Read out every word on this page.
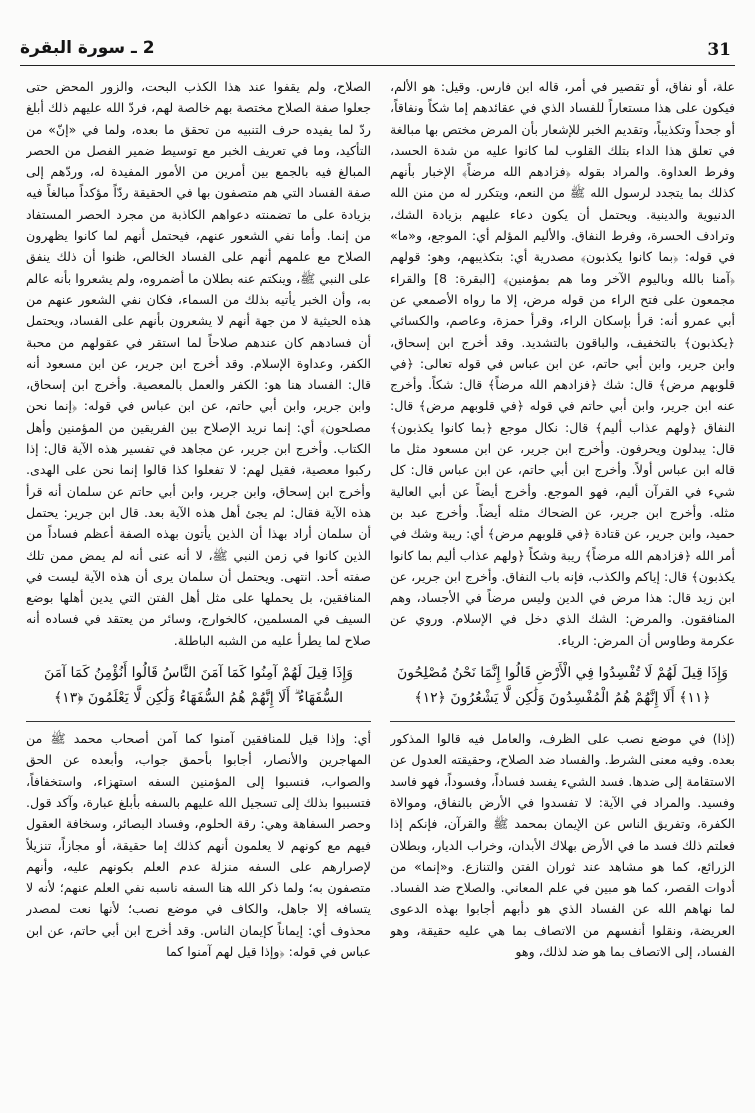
31
2 ـ سورة البقرة

علة، أو نفاق، أو تقصير في أمر، قاله ابن فارس. وقيل: هو الألم، فيكون على هذا مستعاراً للفساد الذي في عقائدهم إما شكاً ونفاقاً، أو جحداً وتكذيباً، وتقديم الخبر للإشعار بأن المرض مختص بها مبالغة في تعلق هذا الداء بتلك القلوب لما كانوا عليه من شدة الحسد، وفرط العداوة. والمراد بقوله ﴿فزادهم الله مرضاً﴾ الإخبار بأنهم كذلك بما يتجدد لرسول الله ﷺ من النعم، ويتكرر له من منن الله الدنيوية والدينية. ويحتمل أن يكون دعاء عليهم بزيادة الشك، وترادف الحسرة، وفرط النفاق. والأليم المؤلم أي: الموجع، و«ما» في قوله: ﴿بما كانوا يكذبون﴾ مصدرية أي: بتكذيبهم، وهو: قولهم ﴿آمنا بالله وباليوم الآخر وما هم بمؤمنين﴾ [البقرة: 8] والقراء مجمعون على فتح الراء من قوله مرض، إلا ما رواه الأصمعي عن أبي عمرو أنه: قرأ بإسكان الراء، وقرأ حمزة، وعاصم، والكسائي ﴿يكذبون﴾ بالتخفيف، والباقون بالتشديد. وقد أخرج ابن إسحاق، وابن جرير، وابن أبي حاتم، عن ابن عباس في قوله تعالى: ﴿في قلوبهم مرض﴾ قال: شك ﴿فزادهم الله مرضاً﴾ قال: شكاً. وأخرج عنه ابن جرير، وابن أبي حاتم في قوله ﴿في قلوبهم مرض﴾ قال: النفاق ﴿ولهم عذاب أليم﴾ قال: نكال موجع ﴿بما كانوا يكذبون﴾ قال: يبدلون ويحرفون. وأخرج ابن جرير، عن ابن مسعود مثل ما قاله ابن عباس أولاً. وأخرج ابن أبي حاتم، عن ابن عباس قال: كل شيء في القرآن أليم، فهو الموجع. وأخرج أيضاً عن أبي العالية مثله. وأخرج ابن جرير، عن الضحاك مثله أيضاً. وأخرج عبد بن حميد، وابن جرير، عن قتادة ﴿في قلوبهم مرض﴾ أي: ريبة وشك في أمر الله ﴿فزادهم الله مرضاً﴾ ريبة وشكاً ﴿ولهم عذاب أليم بما كانوا يكذبون﴾ قال: إياكم والكذب، فإنه باب النفاق. وأخرج ابن جرير، عن ابن زيد قال: هذا مرض في الدين وليس مرضاً في الأجساد، وهم المنافقون. والمرض: الشك الذي دخل في الإسلام. وروي عن عكرمة وطاوس أن المرض: الرياء.

وَإِذَا قِيلَ لَهُمْ لَا تُفْسِدُوا فِي الْأَرْضِ قَالُوا إِنَّمَا نَحْنُ مُصْلِحُونَ ﴿١١﴾ أَلَا إِنَّهُمْ هُمُ الْمُفْسِدُونَ وَلَٰكِن لَّا يَشْعُرُونَ ﴿١٢﴾

(إذا) في موضع نصب على الظرف، والعامل فيه قالوا المذكور بعده. وفيه معنى الشرط. والفساد ضد الصلاح، وحقيقته العدول عن الاستقامة إلى ضدها. فسد الشيء يفسد فساداً، وفسوداً، فهو فاسد وفسيد. والمراد في الآية: لا تفسدوا في الأرض بالنفاق، وموالاة الكفرة، وتفريق الناس عن الإيمان بمحمد ﷺ والقرآن، فإنكم إذا فعلتم ذلك فسد ما في الأرض بهلاك الأبدان، وخراب الديار، وبطلان الزرائع، كما هو مشاهد عند ثوران الفتن والتنازع. و«إنما» من أدوات القصر، كما هو مبين في علم المعاني. والصلاح ضد الفساد. لما نهاهم الله عن الفساد الذي هو دأبهم أجابوا بهذه الدعوى العريضة، ونقلوا أنفسهم من الاتصاف بما هي عليه حقيقة، وهو الفساد، إلى الاتصاف بما هو ضد لذلك، وهو

الصلاح، ولم يقفوا عند هذا الكذب البحت، والزور المحض حتى جعلوا صفة الصلاح مختصة بهم خالصة لهم، فردّ الله عليهم ذلك أبلغ ردّ لما يفيده حرف التنبيه من تحقق ما بعده، ولما في «إنّ» من التأكيد، وما في تعريف الخبر مع توسيط ضمير الفصل من الحصر المبالغ فيه بالجمع بين أمرين من الأمور المفيدة له، وردّهم إلى صفة الفساد التي هم متصفون بها في الحقيقة ردّاً مؤكداً مبالغاً فيه بزيادة على ما تضمنته دعواهم الكاذبة من مجرد الحصر المستفاد من إنما. وأما نفي الشعور عنهم، فيحتمل أنهم لما كانوا يظهرون الصلاح مع علمهم أنهم على الفساد الخالص، ظنوا أن ذلك ينفق على النبي ﷺ، وينكتم عنه بطلان ما أضمروه، ولم يشعروا بأنه عالم به، وأن الخبر يأتيه بذلك من السماء، فكان نفي الشعور عنهم من هذه الحيثية لا من جهة أنهم لا يشعرون بأنهم على الفساد، ويحتمل أن فسادهم كان عندهم صلاحاً لما استقر في عقولهم من محبة الكفر، وعداوة الإسلام. وقد أخرج ابن جرير، عن ابن مسعود أنه قال: الفساد هنا هو: الكفر والعمل بالمعصية. وأخرج ابن إسحاق، وابن جرير، وابن أبي حاتم، عن ابن عباس في قوله: ﴿إنما نحن مصلحون﴾ أي: إنما نريد الإصلاح بين الفريقين من المؤمنين وأهل الكتاب. وأخرج ابن جرير، عن مجاهد في تفسير هذه الآية قال: إذا ركبوا معصية، فقيل لهم: لا تفعلوا كذا قالوا إنما نحن على الهدى. وأخرج ابن إسحاق، وابن جرير، وابن أبي حاتم عن سلمان أنه قرأ هذه الآية فقال: لم يجئ أهل هذه الآية بعد. قال ابن جرير: يحتمل أن سلمان أراد بهذا أن الذين يأتون بهذه الصفة أعظم فساداً من الذين كانوا في زمن النبي ﷺ، لا أنه عنى أنه لم يمض ممن تلك صفته أحد. انتهى. ويحتمل أن سلمان يرى أن هذه الآية ليست في المنافقين، بل يحملها على مثل أهل الفتن التي يدين أهلها بوضع السيف في المسلمين، كالخوارج، وسائر من يعتقد في فساده أنه صلاح لما يطرأ عليه من الشبه الباطلة.

وَإِذَا قِيلَ لَهُمْ آمِنُوا كَمَا آمَنَ النَّاسُ قَالُوا أَنُؤْمِنُ كَمَا آمَنَ السُّفَهَاءُ ۗ أَلَا إِنَّهُمْ هُمُ السُّفَهَاءُ وَلَٰكِن لَّا يَعْلَمُونَ ﴿١٣﴾

أي: وإذا قيل للمنافقين آمنوا كما آمن أصحاب محمد ﷺ من المهاجرين والأنصار، أجابوا بأحمق جواب، وأبعده عن الحق والصواب، فنسبوا إلى المؤمنين السفه استهزاء، واستخفافاً، فتسببوا بذلك إلى تسجيل الله عليهم بالسفه بأبلغ عبارة، وآكد قول. وحصر السفاهة وهي: رقة الحلوم، وفساد البصائر، وسخافة العقول فيهم مع كونهم لا يعلمون أنهم كذلك إما حقيقة، أو مجازاً، تنزيلاً لإصرارهم على السفه منزلة عدم العلم بكونهم عليه، وأنهم متصفون به؛ ولما ذكر الله هنا السفه ناسبه نفي العلم عنهم؛ لأنه لا يتسافه إلا جاهل، والكاف في موضع نصب؛ لأنها نعت لمصدر محذوف أي: إيماناً كإيمان الناس. وقد أخرج ابن أبي حاتم، عن ابن عباس في قوله: ﴿وإذا قيل لهم آمنوا كما
